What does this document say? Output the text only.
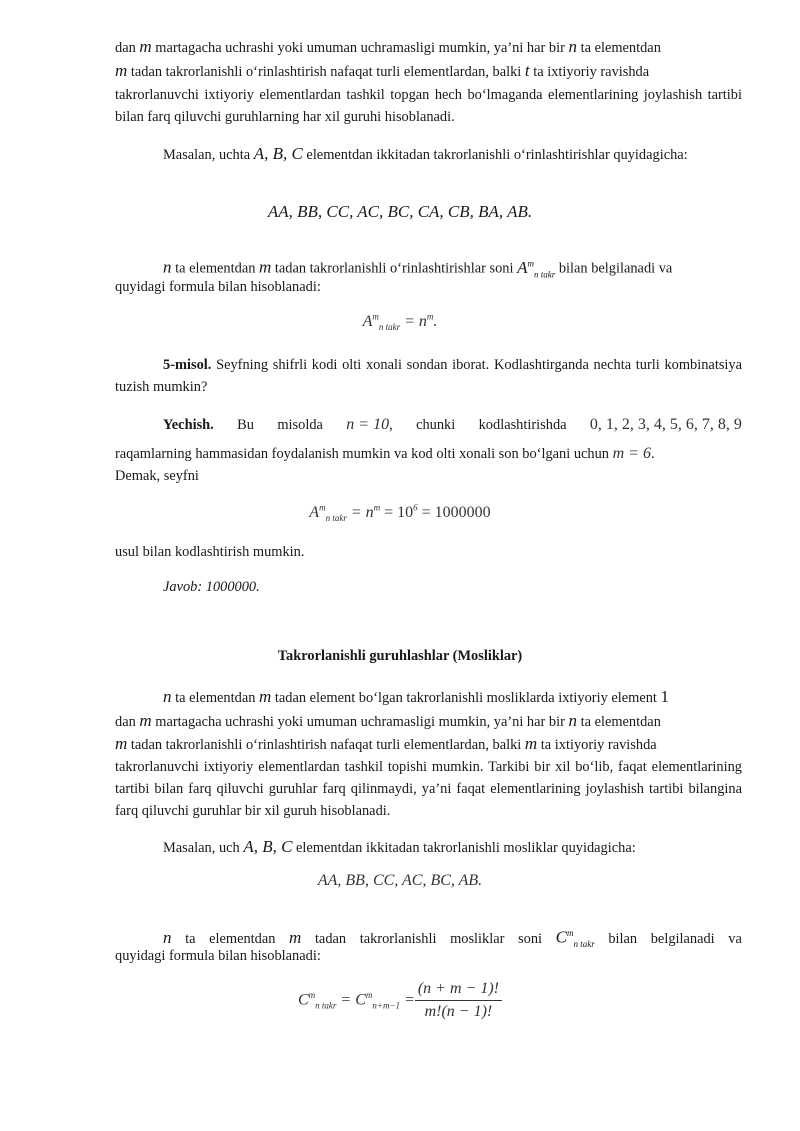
dan m martagacha uchrashi yoki umuman uchramasligi mumkin, ya’ni har bir n ta elementdan
m tadan takrorlanishli o‘rinlashtirish nafaqat turli elementlardan, balki t ta ixtiyoriy ravishda

takrorlanuvchi ixtiyoriy elementlardan tashkil topgan hech bo‘lmaganda elementlarining joylashish tartibi bilan farq qiluvchi guruhlarning har xil guruhi hisoblanadi.

Masalan, uchta A, B, C elementdan ikkitadan takrorlanishli o‘rinlashtirishlar quyidagicha:

AA, BB, CC, AC, BC, CA, CB, BA, AB.
n ta elementdan m tadan takrorlanishli o‘rinlashtirishlar soni $A^m_{n takr}$ bilan belgilanadi va
quyidagi formula bilan hisoblanadi:
$A^m_{n takr} = n^m$.

5-misol. Seyfning shifrli kodi olti xonali sondan iborat. Kodlashtirganda nechta turli kombinatsiya tuzish mumkin?

Yechish. Bu misolda n = 10, chunki kodlashtirishda 0, 1, 2, 3, 4, 5, 6, 7, 8, 9
raqamlarning hammasidan foydalanish mumkin va kod olti xonali son bo‘lgani uchun m = 6.
Demak, seyfni
$A^m_{n takr} = n^m = 10^6 = 1000000$
usul bilan kodlashtirish mumkin.
Javob: 1000000.
Takrorlanishli guruhlashlar (Mosliklar)
n ta elementdan m tadan element bo‘lgan takrorlanishli mosliklarda ixtiyoriy element 1
dan m martagacha uchrashi yoki umuman uchramasligi mumkin, ya’ni har bir n ta elementdan
m tadan takrorlanishli o‘rinlashtirish nafaqat turli elementlardan, balki m ta ixtiyoriy ravishda

takrorlanuvchi ixtiyoriy elementlardan tashkil topishi mumkin. Tarkibi bir xil bo‘lib, faqat elementlarining tartibi bilan farq qiluvchi guruhlar farq qilinmaydi, ya’ni faqat elementlarining joylashish tartibi bilangina farq qiluvchi guruhlar bir xil guruh hisoblanadi.

Masalan, uch A, B, C elementdan ikkitadan takrorlanishli mosliklar quyidagicha:
AA, BB, CC, AC, BC, AB.
n ta elementdan m tadan takrorlanishli mosliklar soni $C^m_{n takr}$ bilan belgilanadi va
quyidagi formula bilan hisoblanadi:
$C^m_{n takr} = C^m_{n+m-1} = \frac{(n + m - 1)!}{m!(n - 1)!}$
